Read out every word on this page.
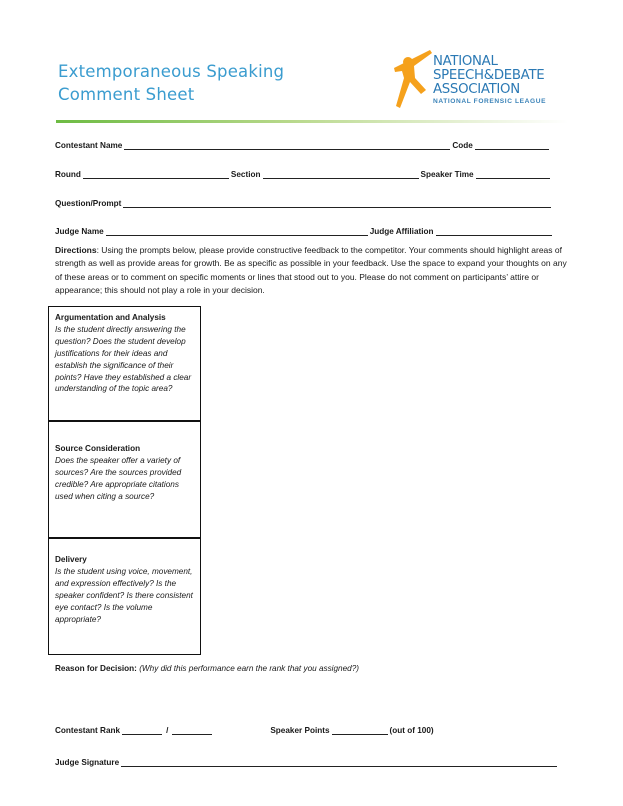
Extemporaneous Speaking
Comment Sheet
NATIONAL
SPEECH&DEBATE
ASSOCIATION
NATIONAL FORENSIC LEAGUE
Contestant Name	Code
Round	Section	Speaker Time
Question/Prompt
Judge Name	Judge Affiliation
Directions: Using the prompts below, please provide constructive feedback to the competitor. Your comments should highlight areas of strength as well as provide areas for growth. Be as specific as possible in your feedback. Use the space to expand your thoughts on any of these areas or to comment on specific moments or lines that stood out to you. Please do not comment on participants’ attire or appearance; this should not play a role in your decision.
Argumentation and Analysis
Is the student directly answering the question? Does the student develop justifications for their ideas and establish the significance of their points? Have they established a clear understanding of the topic area?
Source Consideration
Does the speaker offer a variety of sources? Are the sources provided credible? Are appropriate citations used when citing a source?
Delivery
Is the student using voice, movement, and expression effectively? Is the speaker confident? Is there consistent eye contact? Is the volume appropriate?
Reason for Decision: (Why did this performance earn the rank that you assigned?)
Contestant Rank	/	Speaker Points	(out of 100)
Judge Signature
